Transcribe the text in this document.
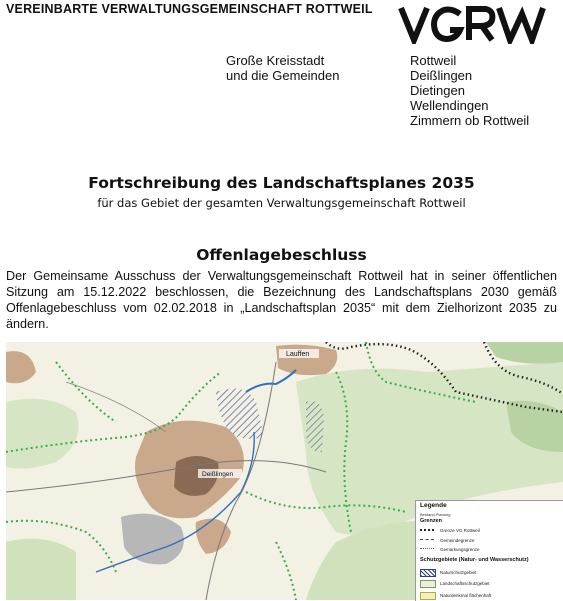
VEREINBARTE VERWALTUNGSGEMEINSCHAFT ROTTWEIL
Große Kreisstadt
und die Gemeinden
Rottweil
Deißlingen
Dietingen
Wellendingen
Zimmern ob Rottweil
Fortschreibung des Landschaftsplanes 2035
für das Gebiet der gesamten Verwaltungsgemeinschaft Rottweil
Offenlagebeschluss
Der Gemeinsame Ausschuss der Verwaltungsgemeinschaft Rottweil hat in seiner öffentlichen Sitzung am 15.12.2022 beschlossen, die Bezeichnung des Landschaftsplans 2030 gemäß Offenlagebeschluss vom 02.02.2018 in „Landschaftsplan 2035“ mit dem Zielhorizont 2035 zu ändern.
Lauffen
Deißlingen
Legende
Bestand Planung
Grenzen
Grenze VG Rottweil
Gemeindegrenze
Gemarkungsgrenze
Schutzgebiete (Natur- und Wasserschutz)
Naturschutzgebiet
Landschaftsschutzgebiet
Naturdenkmal flächenhaft
